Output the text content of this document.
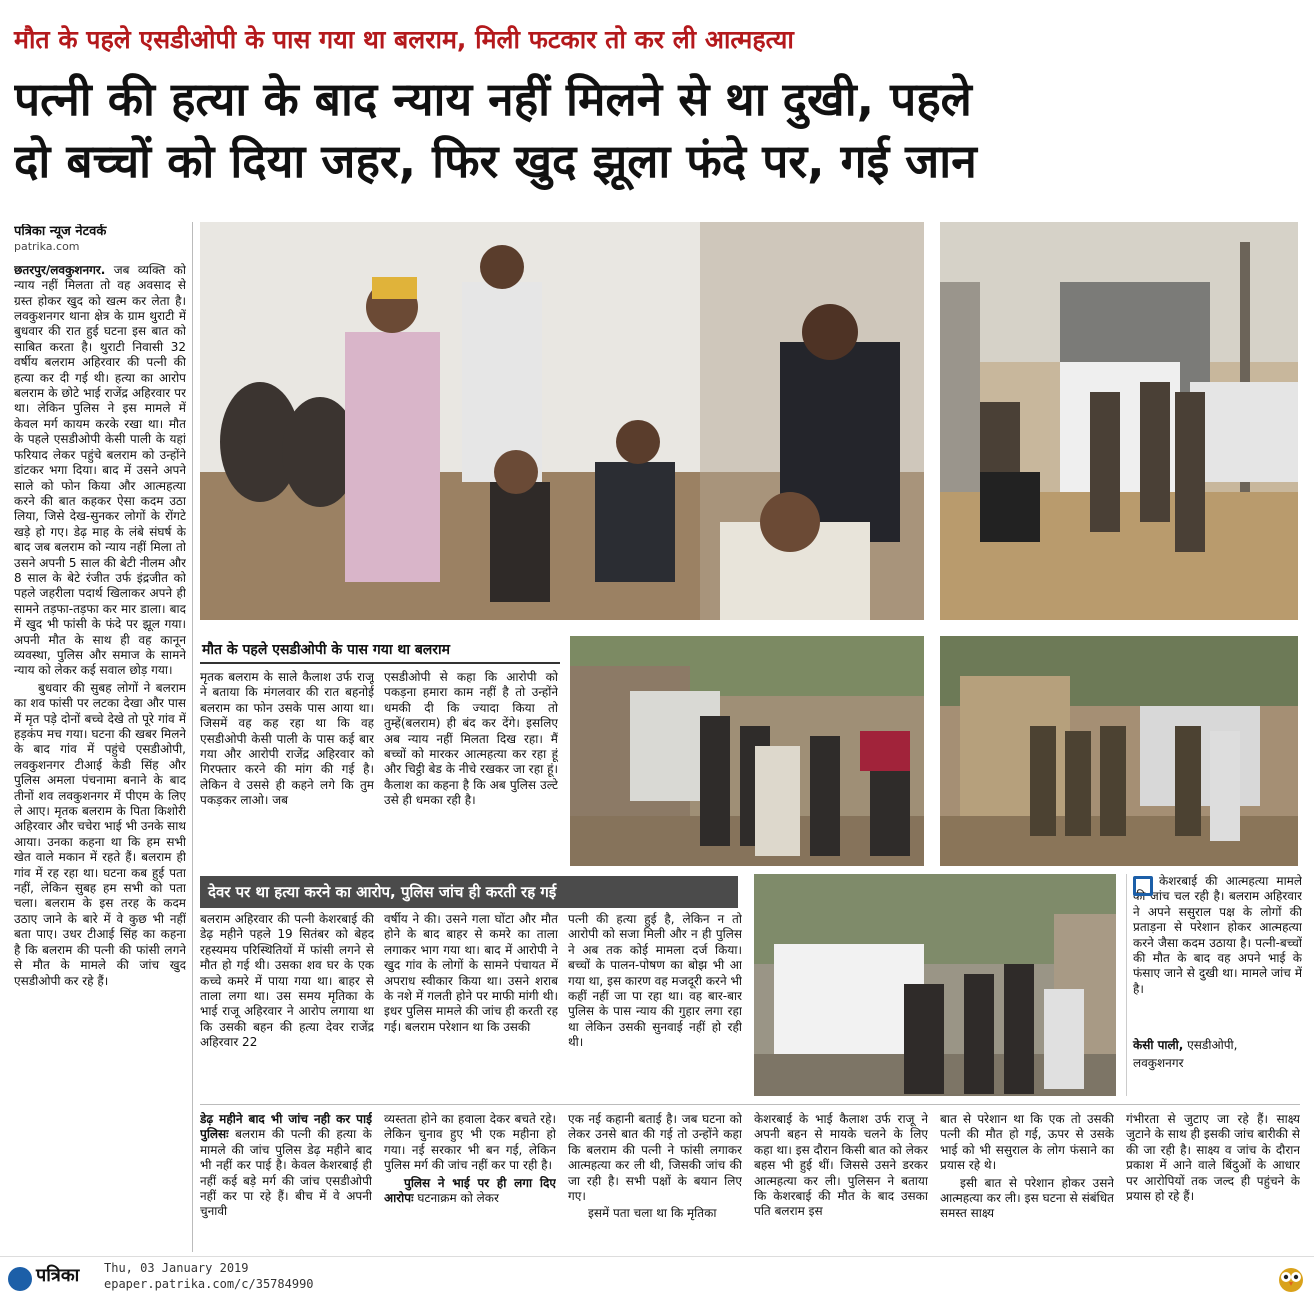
मौत के पहले एसडीओपी के पास गया था बलराम, मिली फटकार तो कर ली आत्महत्या
पत्नी की हत्या के बाद न्याय नहीं मिलने से था दुखी, पहले
दो बच्चों को दिया जहर, फिर खुद झूला फंदे पर, गई जान
पत्रिका न्यूज नेटवर्क
patrika.com

छतरपुर/लवकुशनगर. जब व्यक्ति को न्याय नहीं मिलता तो वह अवसाद से ग्रस्त होकर खुद को खत्म कर लेता है। लवकुशनगर थाना क्षेत्र के ग्राम थुराटी में बुधवार की रात हुई घटना इस बात को साबित करता है। थुराटी निवासी 32 वर्षीय बलराम अहिरवार की पत्नी की हत्या कर दी गई थी। हत्या का आरोप बलराम के छोटे भाई राजेंद्र अहिरवार पर था। लेकिन पुलिस ने इस मामले में केवल मर्ग कायम करके रखा था। मौत के पहले एसडीओपी केसी पाली के यहां फरियाद लेकर पहुंचे बलराम को उन्होंने डांटकर भगा दिया। बाद में उसने अपने साले को फोन किया और आत्महत्या करने की बात कहकर ऐसा कदम उठा लिया, जिसे देख-सुनकर लोगों के रोंगटे खड़े हो गए। डेढ़ माह के लंबे संघर्ष के बाद जब बलराम को न्याय नहीं मिला तो उसने अपनी 5 साल की बेटी नीलम और 8 साल के बेटे रंजीत उर्फ इंद्रजीत को पहले जहरीला पदार्थ खिलाकर अपने ही सामने तड़फा-तड़फा कर मार डाला। बाद में खुद भी फांसी के फंदे पर झूल गया। अपनी मौत के साथ ही वह कानून व्यवस्था, पुलिस और समाज के सामने न्याय को लेकर कई सवाल छोड़ गया।

बुधवार की सुबह लोगों ने बलराम का शव फांसी पर लटका देखा और पास में मृत पड़े दोनों बच्चे देखे तो पूरे गांव में हड़कंप मच गया। घटना की खबर मिलने के बाद गांव में पहुंचे एसडीओपी, लवकुशनगर टीआई केडी सिंह और पुलिस अमला पंचनामा बनाने के बाद तीनों शव लवकुशनगर में पीएम के लिए ले आए। मृतक बलराम के पिता किशोरी अहिरवार और चचेरा भाई भी उनके साथ आया। उनका कहना था कि हम सभी खेत वाले मकान में रहते हैं। बलराम ही गांव में रह रहा था। घटना कब हुई पता नहीं, लेकिन सुबह हम सभी को पता चला। बलराम के इस तरह के कदम उठाए जाने के बारे में वे कुछ भी नहीं बता पाए। उधर टीआई सिंह का कहना है कि बलराम की पत्नी की फांसी लगने से मौत के मामले की जांच खुद एसडीओपी कर रहे हैं।

मौत के पहले एसडीओपी के पास गया था बलराम
मृतक बलराम के साले कैलाश उर्फ राजू ने बताया कि मंगलवार की रात बहनोई बलराम का फोन उसके पास आया था। जिसमें वह कह रहा था कि वह एसडीओपी केसी पाली के पास कई बार गया और आरोपी राजेंद्र अहिरवार को गिरफ्तार करने की मांग की गई है। लेकिन वे उससे ही कहने लगे कि तुम पकड़कर लाओ। जब
एसडीओपी से कहा कि आरोपी को पकड़ना हमारा काम नहीं है तो उन्होंने धमकी दी कि ज्यादा किया तो तुम्हें(बलराम) ही बंद कर देंगे। इसलिए अब न्याय नहीं मिलता दिख रहा। मैं बच्चों को मारकर आत्महत्या कर रहा हूं और चिट्ठी बेड के नीचे रखकर जा रहा हूं। कैलाश का कहना है कि अब पुलिस उल्टे उसे ही धमका रही है।
देवर पर था हत्या करने का आरोप, पुलिस जांच ही करती रह गई
बलराम अहिरवार की पत्नी केशरबाई की डेढ़ महीने पहले 19 सितंबर को बेहद रहस्यमय परिस्थितियों में फांसी लगने से मौत हो गई थी। उसका शव घर के एक कच्चे कमरे में पाया गया था। बाहर से ताला लगा था। उस समय मृतिका के भाई राजू अहिरवार ने आरोप लगाया था कि उसकी बहन की हत्या देवर राजेंद्र अहिरवार 22
वर्षीय ने की। उसने गला घोंटा और मौत होने के बाद बाहर से कमरे का ताला लगाकर भाग गया था। बाद में आरोपी ने खुद गांव के लोगों के सामने पंचायत में अपराध स्वीकार किया था। उसने शराब के नशे में गलती होने पर माफी मांगी थी। इधर पुलिस मामले की जांच ही करती रह गई। बलराम परेशान था कि उसकी
पत्नी की हत्या हुई है, लेकिन न तो आरोपी को सजा मिली और न ही पुलिस ने अब तक कोई मामला दर्ज किया। बच्चों के पालन-पोषण का बोझ भी आ गया था, इस कारण वह मजदूरी करने भी कहीं नहीं जा पा रहा था। वह बार-बार पुलिस के पास न्याय की गुहार लगा रहा था लेकिन उसकी सुनवाई नहीं हो रही थी।
केशरबाई की आत्महत्या मामले की जांच चल रही है। बलराम अहिरवार ने अपने ससुराल पक्ष के लोगों की प्रताड़ना से परेशान होकर आत्महत्या करने जैसा कदम उठाया है। पत्नी-बच्चों की मौत के बाद वह अपने भाई के फंसाए जाने से दुखी था। मामले जांच में है।
केसी पाली, एसडीओपी,
लवकुशनगर
डेढ़ महीने बाद भी जांच नही कर पाई पुलिसः बलराम की पत्नी की हत्या के मामले की जांच पुलिस डेढ़ महीने बाद भी नहीं कर पाई है। केवल केशरबाई ही नहीं कई बड़े मर्ग की जांच एसडीओपी नहीं कर पा रहे हैं। बीच में वे अपनी चुनावी

व्यस्तता होने का हवाला देकर बचते रहे। लेकिन चुनाव हुए भी एक महीना हो गया। नई सरकार भी बन गई, लेकिन पुलिस मर्ग की जांच नहीं कर पा रही है।

पुलिस ने भाई पर ही लगा दिए आरोपः घटनाक्रम को लेकर

एक नई कहानी बताई है। जब घटना को लेकर उनसे बात की गई तो उन्होंने कहा कि बलराम की पत्नी ने फांसी लगाकर आत्महत्या कर ली थी, जिसकी जांच की जा रही है। सभी पक्षों के बयान लिए गए।

इसमें पता चला था कि मृतिका

केशरबाई के भाई कैलाश उर्फ राजू ने अपनी बहन से मायके चलने के लिए कहा था। इस दौरान किसी बात को लेकर बहस भी हुई थीं। जिससे उसने डरकर आत्महत्या कर ली। पुलिसन ने बताया कि केशरबाई की मौत के बाद उसका पति बलराम इस

बात से परेशान था कि एक तो उसकी पत्नी की मौत हो गई, ऊपर से उसके भाई को भी ससुराल के लोग फंसाने का प्रयास रहे थे।

इसी बात से परेशान होकर उसने आत्महत्या कर ली। इस घटना से संबंधित समस्त साक्ष्य

गंभीरता से जुटाए जा रहे हैं। साक्ष्य जुटाने के साथ ही इसकी जांच बारीकी से की जा रही है। साक्ष्य व जांच के दौरान प्रकाश में आने वाले बिंदुओं के आधार पर आरोपियों तक जल्द ही पहुंचने के प्रयास हो रहे हैं।
पत्रिका Thu, 03 January 2019
epaper.patrika.com/c/35784990
